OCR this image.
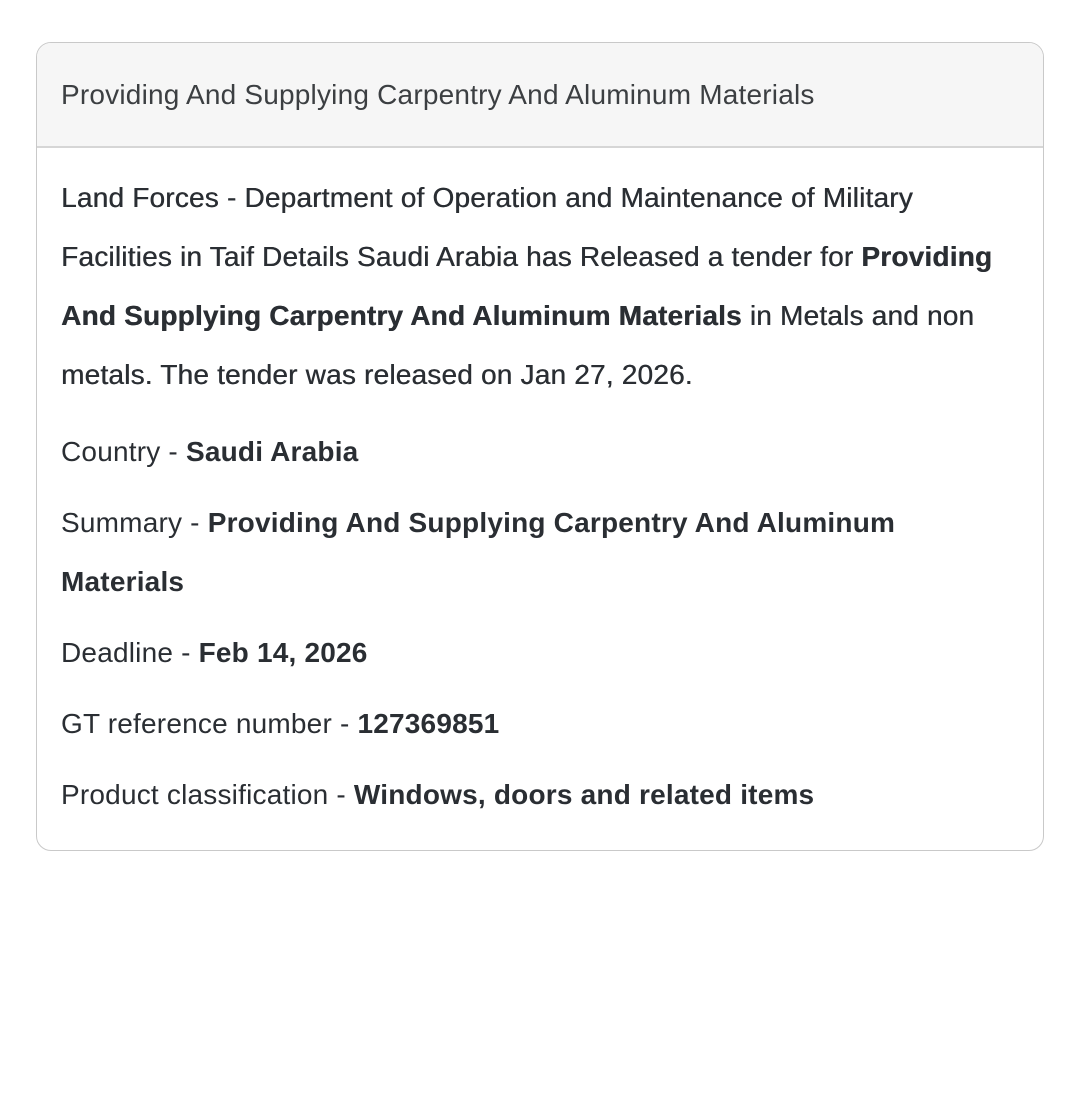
Providing And Supplying Carpentry And Aluminum Materials

Land Forces - Department of Operation and Maintenance of Military Facilities in Taif Details Saudi Arabia has Released a tender for Providing And Supplying Carpentry And Aluminum Materials in Metals and non metals. The tender was released on Jan 27, 2026.

Country - Saudi Arabia

Summary - Providing And Supplying Carpentry And Aluminum Materials

Deadline - Feb 14, 2026

GT reference number - 127369851

Product classification - Windows, doors and related items
